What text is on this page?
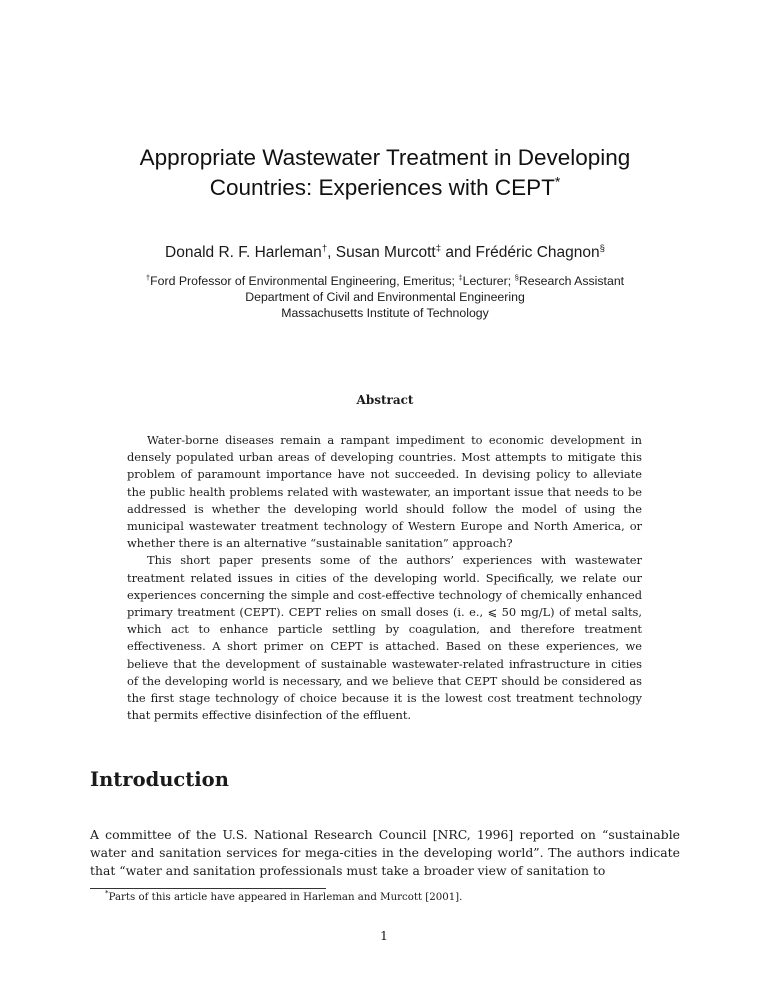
Appropriate Wastewater Treatment in Developing
Countries: Experiences with CEPT*
Donald R. F. Harleman†, Susan Murcott‡ and Frédéric Chagnon§
†Ford Professor of Environmental Engineering, Emeritus; ‡Lecturer; §Research Assistant
Department of Civil and Environmental Engineering
Massachusetts Institute of Technology
Abstract

Water-borne diseases remain a rampant impediment to economic development in densely populated urban areas of developing countries. Most attempts to mitigate this problem of paramount importance have not succeeded. In devising policy to alleviate the public health problems related with wastewater, an important issue that needs to be addressed is whether the developing world should follow the model of using the municipal wastewater treatment technology of Western Europe and North America, or whether there is an alternative “sustainable sanitation” approach?

This short paper presents some of the authors’ experiences with wastewater treatment related issues in cities of the developing world. Specifically, we relate our experiences concerning the simple and cost-effective technology of chemically enhanced primary treatment (CEPT). CEPT relies on small doses (i. e., ⩽ 50 mg/L) of metal salts, which act to enhance particle settling by coagulation, and therefore treatment effectiveness. A short primer on CEPT is attached. Based on these experiences, we believe that the development of sustainable wastewater-related infrastructure in cities of the developing world is necessary, and we believe that CEPT should be considered as the first stage technology of choice because it is the lowest cost treatment technology that permits effective disinfection of the effluent.

Introduction
A committee of the U.S. National Research Council [NRC, 1996] reported on “sustainable water and sanitation services for mega-cities in the developing world”. The authors indicate that “water and sanitation professionals must take a broader view of sanitation to
*Parts of this article have appeared in Harleman and Murcott [2001].
1
